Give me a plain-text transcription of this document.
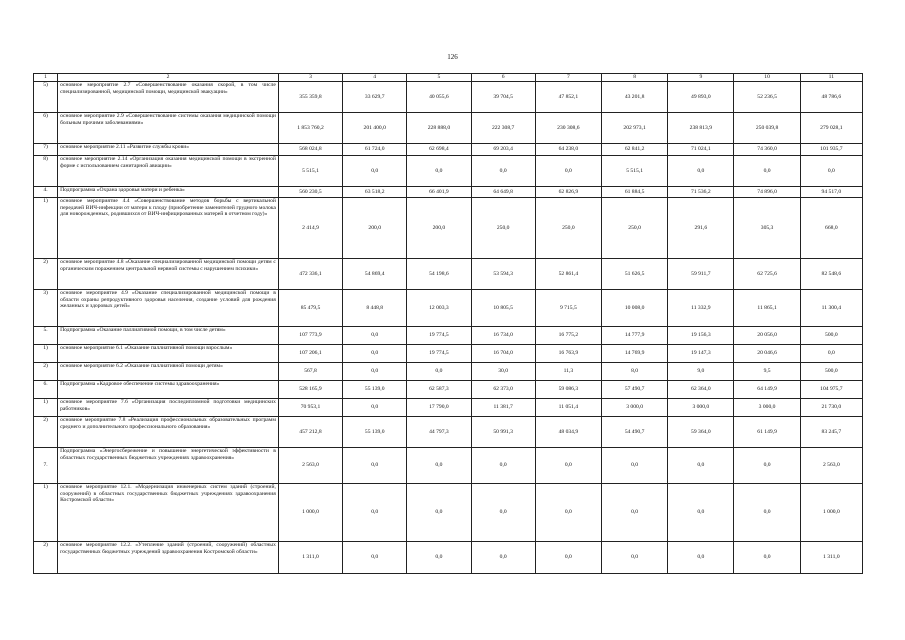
126
1	2	3	4	5	6	7	8	9	10	11
5)	основное мероприятие 2.7 «Совершенствование оказания скорой, в том числе специализированной, медицинской помощи, медицинской эвакуации»	355 359,8	33 629,7	40 055,6	39 704,5	47 852,1	43 201,8	49 893,0	52 236,5	48 786,6
6)	основное мероприятие 2.9 «Совершенствование системы оказания медицинской помощи больным прочими заболеваниями»	1 853 760,2	201 400,0	228 888,0	222 308,7	230 308,6	202 973,1	238 813,9	250 039,8	279 028,1
7)	основное мероприятие 2.11 «Развитие службы крови»	568 024,8	61 724,0	62 698,4	69 203,4	64 238,0	62 841,2	71 024,1	74 360,0	101 935,7
8)	основное мероприятие 2.14 «Организация оказания медицинской помощи в экстренной форме с использованием санитарной авиации»	5 515,1	0,0	0,0	0,0	0,0	5 515,1	0,0	0,0	0,0
4.	Подпрограмма «Охрана здоровья матери и ребенка»	560 230,5	63 518,2	66 401,9	64 649,8	62 826,9	61 884,5	71 536,2	74 896,0	94 517,0
1)	основное мероприятие 4.4 «Совершенствование методов борьбы с вертикальной передачей ВИЧ-инфекции от матери к плоду (приобретение заменителей грудного молока для новорожденных, родившихся от ВИЧ-инфицированных матерей в отчетном году)»	2 414,9	200,0	200,0	250,0	250,0	250,0	291,6	305,3	668,0
2)	основное мероприятие 4.8 «Оказание специализированной медицинской помощи детям с органическим поражением центральной нервной системы с нарушением психики»	472 336,1	54 869,4	54 198,6	53 594,3	52 861,4	51 626,5	59 911,7	62 725,6	82 548,6
3)	основное мероприятие 4.9 «Оказание специализированной медицинской помощи в области охраны репродуктивного здоровья населения, создание условий для рождения желанных и здоровых детей»	85 479,5	8 448,8	12 003,3	10 805,5	9 715,5	10 008,0	11 332,9	11 865,1	11 300,4
5.	Подпрограмма «Оказание паллиативной помощи, в том числе детям»	107 773,9	0,0	19 774,5	16 734,0	16 775,2	14 777,9	19 156,3	20 056,0	500,0
1)	основное мероприятие 6.1 «Оказание паллиативной помощи взрослым»	107 206,1	0,0	19 774,5	16 704,0	16 763,9	14 769,9	19 147,3	20 046,6	0,0
2)	основное мероприятие 6.2 «Оказание паллиативной помощи детям»	567,8	0,0	0,0	30,0	11,3	8,0	9,0	9,5	500,0
6.	Подпрограмма «Кадровое обеспечение системы здравоохранения»	528 165,9	55 139,0	62 587,3	62 373,0	59 086,3	57 490,7	62 364,0	64 149,9	104 975,7
1)	основное мероприятие 7.6 «Организация последипломной подготовки медицинских работников»	70 953,1	0,0	17 790,0	11 381,7	11 051,4	3 000,0	3 000,0	3 000,0	21 730,0
2)	основное мероприятие 7.8 «Реализация профессиональных образовательных программ среднего и дополнительного профессионального образования»	457 212,8	55 139,0	44 797,3	50 991,3	48 034,9	54 490,7	59 364,0	61 149,9	83 245,7
7.	Подпрограмма «Энергосбережение и повышение энергетической эффективности в областных государственных бюджетных учреждениях здравоохранения»	2 563,0	0,0	0,0	0,0	0,0	0,0	0,0	0,0	2 563,0
1)	основное мероприятие 12.1. «Модернизация инженерных систем зданий (строений, сооружений) в областных государственных бюджетных учреждениях здравоохранения Костромской области»	1 000,0	0,0	0,0	0,0	0,0	0,0	0,0	0,0	1 000,0
2)	основное мероприятие 12.2. «Утепление зданий (строений, сооружений) областных государственных бюджетных учреждений здравоохранения Костромской области»	1 311,0	0,0	0,0	0,0	0,0	0,0	0,0	0,0	1 311,0
